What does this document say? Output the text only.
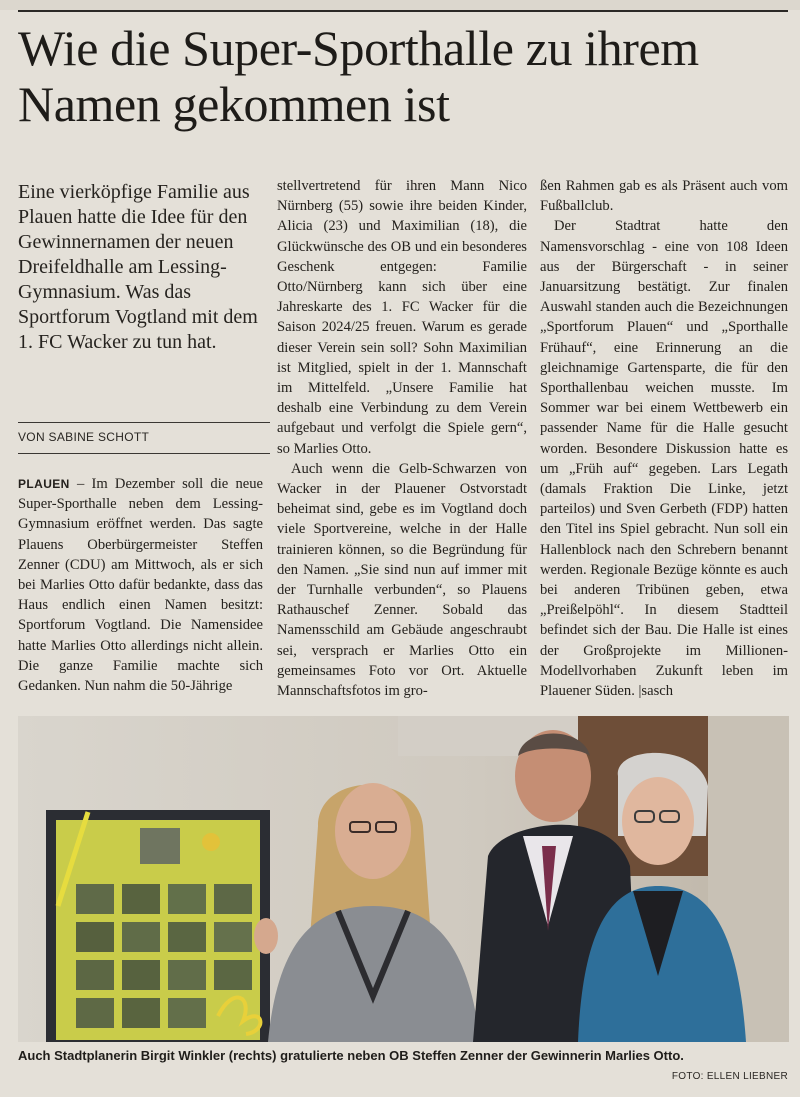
Wie die Super-Sporthalle zu ihrem Namen gekommen ist

Eine vierköpfige Familie aus Plauen hatte die Idee für den Gewinnernamen der neuen Dreifeldhalle am Lessing-Gymnasium. Was das Sportforum Vogtland mit dem 1. FC Wacker zu tun hat.

VON SABINE SCHOTT

PLAUEN – Im Dezember soll die neue Super-Sporthalle neben dem Lessing-Gymnasium eröffnet werden. Das sagte Plauens Oberbürgermeister Steffen Zenner (CDU) am Mittwoch, als er sich bei Marlies Otto dafür bedankte, dass das Haus endlich einen Namen besitzt: Sportforum Vogtland. Die Namensidee hatte Marlies Otto allerdings nicht allein. Die ganze Familie machte sich Gedanken. Nun nahm die 50-Jährige

stellvertretend für ihren Mann Nico Nürnberg (55) sowie ihre beiden Kinder, Alicia (23) und Maximilian (18), die Glückwünsche des OB und ein besonderes Geschenk entgegen: Familie Otto/Nürnberg kann sich über eine Jahreskarte des 1. FC Wacker für die Saison 2024/25 freuen. Warum es gerade dieser Verein sein soll? Sohn Maximilian ist Mitglied, spielt in der 1. Mannschaft im Mittelfeld. „Unsere Familie hat deshalb eine Verbindung zu dem Verein aufgebaut und verfolgt die Spiele gern“, so Marlies Otto.

Auch wenn die Gelb-Schwarzen von Wacker in der Plauener Ostvorstadt beheimat sind, gebe es im Vogtland doch viele Sportvereine, welche in der Halle trainieren können, so die Begründung für den Namen. „Sie sind nun auf immer mit der Turnhalle verbunden“, so Plauens Rathauschef Zenner. Sobald das Namensschild am Gebäude angeschraubt sei, versprach er Marlies Otto ein gemeinsames Foto vor Ort. Aktuelle Mannschaftsfotos im gro-

ßen Rahmen gab es als Präsent auch vom Fußballclub.

Der Stadtrat hatte den Namensvorschlag - eine von 108 Ideen aus der Bürgerschaft - in seiner Januarsitzung bestätigt. Zur finalen Auswahl standen auch die Bezeichnungen „Sportforum Plauen“ und „Sporthalle Frühauf“, eine Erinnerung an die gleichnamige Gartensparte, die für den Sporthallenbau weichen musste. Im Sommer war bei einem Wettbewerb ein passender Name für die Halle gesucht worden. Besondere Diskussion hatte es um „Früh auf“ gegeben. Lars Legath (damals Fraktion Die Linke, jetzt parteilos) und Sven Gerbeth (FDP) hatten den Titel ins Spiel gebracht. Nun soll ein Hallenblock nach den Schrebern benannt werden. Regionale Bezüge könnte es auch bei anderen Tribünen geben, etwa „Preißelpöhl“. In diesem Stadtteil befindet sich der Bau. Die Halle ist eines der Großprojekte im Millionen-Modellvorhaben Zukunft leben im Plauener Süden. |sasch

Auch Stadtplanerin Birgit Winkler (rechts) gratulierte neben OB Steffen Zenner der Gewinnerin Marlies Otto.
FOTO: ELLEN LIEBNER
